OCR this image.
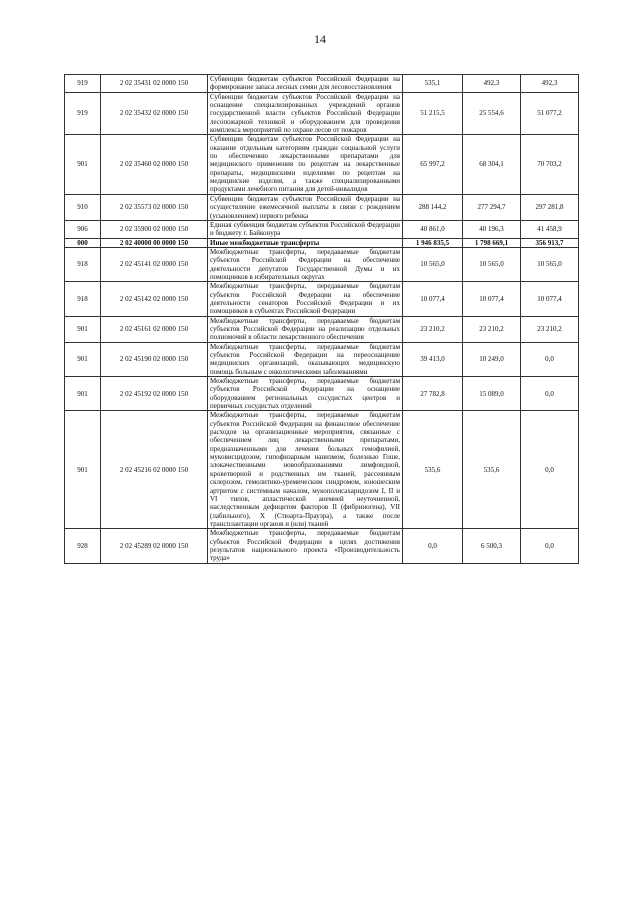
14
919	2 02 35431 02 0000 150	Субвенции бюджетам субъектов Российской Федерации на формирование запаса лесных семян для лесовосстановления	535,1	492,3	492,3
919	2 02 35432 02 0000 150	Субвенции бюджетам субъектов Российской Федерации на оснащение специализированных учреждений органов государственной власти субъектов Российской Федерации лесопожарной техникой и оборудованием для проведения комплекса мероприятий по охране лесов от пожаров	51 215,5	25 554,6	51 077,2
901	2 02 35460 02 0000 150	Субвенции бюджетам субъектов Российской Федерации на оказание отдельным категориям граждан социальной услуги по обеспечению лекарственными препаратами для медицинского применения по рецептам на лекарственные препараты, медицинскими изделиями по рецептам на медицинские изделия, а также специализированными продуктами лечебного питания для детей-инвалидов	65 997,2	68 304,1	70 703,2
910	2 02 35573 02 0000 150	Субвенции бюджетам субъектов Российской Федерации на осуществление ежемесячной выплаты в связи с рождением (усыновлением) первого ребенка	288 144,2	277 294,7	297 281,8
906	2 02 35900 02 0000 150	Единая субвенция бюджетам субъектов Российской Федерации и бюджету г. Байконура	40 861,0	40 196,3	41 458,9
000	2 02 40000 00 0000 150	Иные межбюджетные трансферты	1 946 835,5	1 798 669,1	356 913,7
918	2 02 45141 02 0000 150	Межбюджетные трансферты, передаваемые бюджетам субъектов Российской Федерации на обеспечение деятельности депутатов Государственной Думы и их помощников в избирательных округах	10 565,0	10 565,0	10 565,0
918	2 02 45142 02 0000 150	Межбюджетные трансферты, передаваемые бюджетам субъектов Российской Федерации на обеспечение деятельности сенаторов Российской Федерации и их помощников в субъектах Российской Федерации	10 077,4	10 077,4	10 077,4
901	2 02 45161 02 0000 150	Межбюджетные трансферты, передаваемые бюджетам субъектов Российской Федерации на реализацию отдельных полномочий в области лекарственного обеспечения	23 210,2	23 210,2	23 210,2
901	2 02 45190 02 0000 150	Межбюджетные трансферты, передаваемые бюджетам субъектов Российской Федерации на переоснащение медицинских организаций, оказывающих медицинскую помощь больным с онкологическими заболеваниями	39 413,0	10 249,0	0,0
901	2 02 45192 02 0000 150	Межбюджетные трансферты, передаваемые бюджетам субъектов Российской Федерации на оснащение оборудованием региональных сосудистых центров и первичных сосудистых отделений	27 782,8	15 089,0	0,0
901	2 02 45216 02 0000 150	Межбюджетные трансферты, передаваемые бюджетам субъектов Российской Федерации на финансовое обеспечение расходов на организационные мероприятия, связанные с обеспечением лиц лекарственными препаратами, предназначенными для лечения больных гемофилией, муковисцидозом, гипофизарным нанизмом, болезнью Гоше, злокачественными новообразованиями лимфоидной, кроветворной и родственных им тканей, рассеянным склерозом, гемолитико-уремическим синдромом, юношеским артритом с системным началом, мукополисахаридозом I, II и VI типов, апластической анемией неуточненной, наследственным дефицитом факторов II (фибриногена), VII (лабильного), X (Стюарта-Прауэра), а также после трансплантации органов и (или) тканей	535,6	535,6	0,0
928	2 02 45289 02 0000 150	Межбюджетные трансферты, передаваемые бюджетам субъектов Российской Федерации в целях достижения результатов национального проекта «Производительность труда»	0,0	6 500,3	0,0
